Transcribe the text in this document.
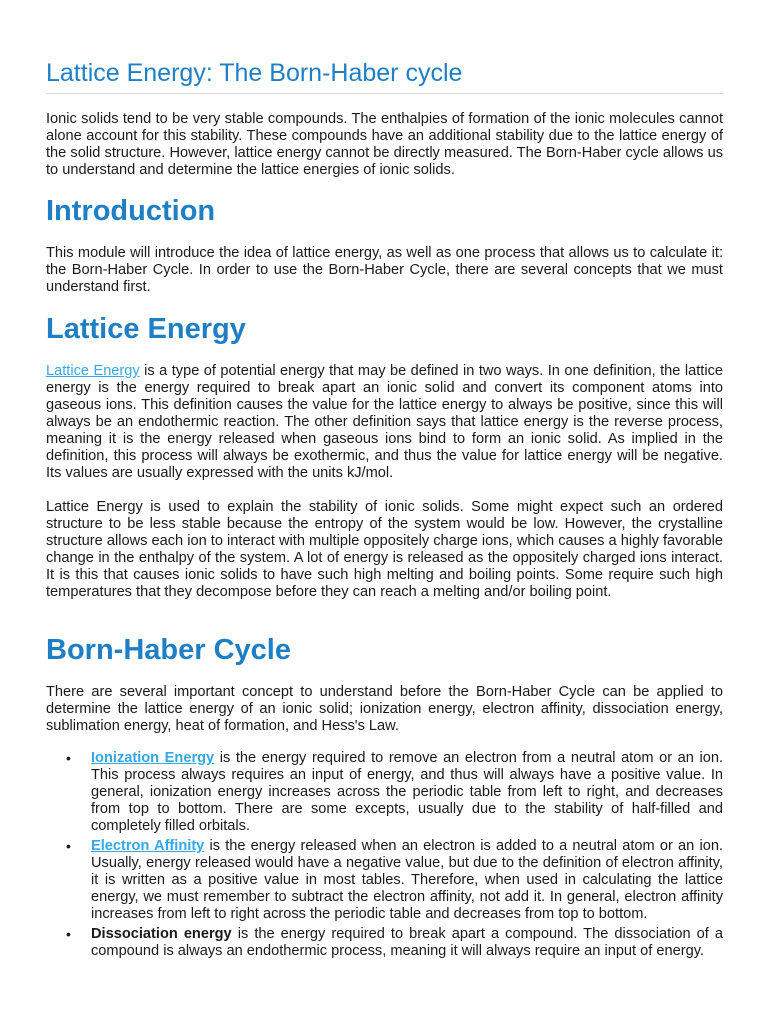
Lattice Energy: The Born-Haber cycle

Ionic solids tend to be very stable compounds. The enthalpies of formation of the ionic molecules cannot alone account for this stability. These compounds have an additional stability due to the lattice energy of the solid structure. However, lattice energy cannot be directly measured. The Born-Haber cycle allows us to understand and determine the lattice energies of ionic solids.

Introduction

This module will introduce the idea of lattice energy, as well as one process that allows us to calculate it: the Born-Haber Cycle. In order to use the Born-Haber Cycle, there are several concepts that we must understand first.

Lattice Energy

Lattice Energy is a type of potential energy that may be defined in two ways. In one definition, the lattice energy is the energy required to break apart an ionic solid and convert its component atoms into gaseous ions. This definition causes the value for the lattice energy to always be positive, since this will always be an endothermic reaction. The other definition says that lattice energy is the reverse process, meaning it is the energy released when gaseous ions bind to form an ionic solid. As implied in the definition, this process will always be exothermic, and thus the value for lattice energy will be negative. Its values are usually expressed with the units kJ/mol.

Lattice Energy is used to explain the stability of ionic solids. Some might expect such an ordered structure to be less stable because the entropy of the system would be low. However, the crystalline structure allows each ion to interact with multiple oppositely charge ions, which causes a highly favorable change in the enthalpy of the system. A lot of energy is released as the oppositely charged ions interact. It is this that causes ionic solids to have such high melting and boiling points. Some require such high temperatures that they decompose before they can reach a melting and/or boiling point.

Born-Haber Cycle

There are several important concept to understand before the Born-Haber Cycle can be applied to determine the lattice energy of an ionic solid; ionization energy, electron affinity, dissociation energy, sublimation energy, heat of formation, and Hess's Law.

• Ionization Energy is the energy required to remove an electron from a neutral atom or an ion. This process always requires an input of energy, and thus will always have a positive value. In general, ionization energy increases across the periodic table from left to right, and decreases from top to bottom. There are some excepts, usually due to the stability of half-filled and completely filled orbitals.
• Electron Affinity is the energy released when an electron is added to a neutral atom or an ion. Usually, energy released would have a negative value, but due to the definition of electron affinity, it is written as a positive value in most tables. Therefore, when used in calculating the lattice energy, we must remember to subtract the electron affinity, not add it. In general, electron affinity increases from left to right across the periodic table and decreases from top to bottom.
• Dissociation energy is the energy required to break apart a compound. The dissociation of a compound is always an endothermic process, meaning it will always require an input of energy.
